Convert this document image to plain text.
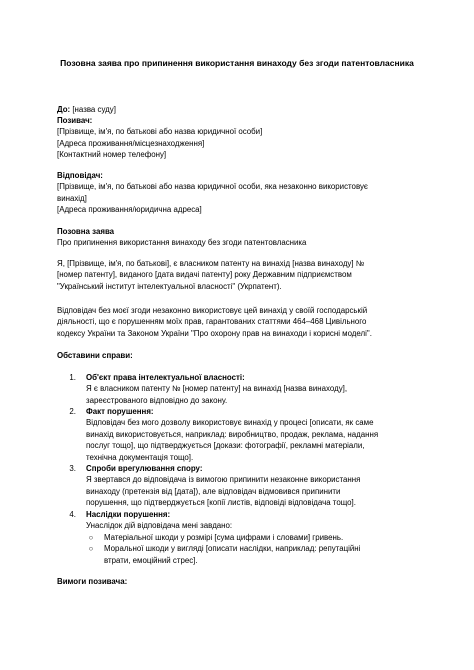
Позовна заява про припинення використання винаходу без згоди патентовласника
До: [назва суду]
Позивач:
[Прізвище, ім'я, по батькові або назва юридичної особи]
[Адреса проживання/місцезнаходження]
[Контактний номер телефону]
Відповідач:
[Прізвище, ім'я, по батькові або назва юридичної особи, яка незаконно використовує
винахід]
[Адреса проживання/юридична адреса]
Позовна заява
Про припинення використання винаходу без згоди патентовласника
Я, [Прізвище, ім'я, по батькові], є власником патенту на винахід [назва винаходу] №
[номер патенту], виданого [дата видачі патенту] року Державним підприємством
"Український інститут інтелектуальної власності" (Укрпатент).
Відповідач без моєї згоди незаконно використовує цей винахід у своїй господарській
діяльності, що є порушенням моїх прав, гарантованих статтями 464–468 Цивільного
кодексу України та Законом України "Про охорону прав на винаходи і корисні моделі".
Обставини справи:
1. Об'єкт права інтелектуальної власності:
Я є власником патенту № [номер патенту] на винахід [назва винаходу],
зареєстрованого відповідно до закону.
2. Факт порушення:
Відповідач без мого дозволу використовує винахід у процесі [описати, як саме
винахід використовується, наприклад: виробництво, продаж, реклама, надання
послуг тощо], що підтверджується [докази: фотографії, рекламні матеріали,
технічна документація тощо].
3. Спроби врегулювання спору:
Я звертався до відповідача із вимогою припинити незаконне використання
винаходу (претензія від [дата]), але відповідач відмовився припинити
порушення, що підтверджується [копії листів, відповіді відповідача тощо].
4. Наслідки порушення:
Унаслідок дій відповідача мені завдано:
○	Матеріальної шкоди у розмірі [сума цифрами і словами] гривень.
○	Моральної шкоди у вигляді [описати наслідки, наприклад: репутаційні
втрати, емоційний стрес].
Вимоги позивача:
